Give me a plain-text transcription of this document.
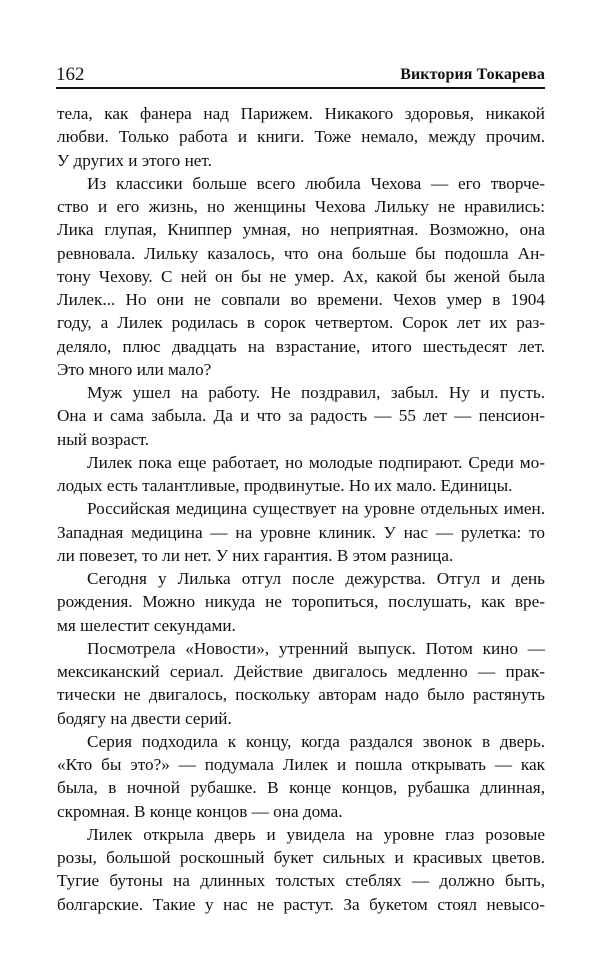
162	Виктория Токарева
тела, как фанера над Парижем. Никакого здоровья, никакой
любви. Только работа и книги. Тоже немало, между прочим.
У других и этого нет.
Из классики больше всего любила Чехова — его творче-
ство и его жизнь, но женщины Чехова Лильку не нравились:
Лика глупая, Книппер умная, но неприятная. Возможно, она
ревновала. Лильку казалось, что она больше бы подошла Ан-
тону Чехову. С ней он бы не умер. Ах, какой бы женой была
Лилек... Но они не совпали во времени. Чехов умер в 1904
году, а Лилек родилась в сорок четвертом. Сорок лет их раз-
деляло, плюс двадцать на взрастание, итого шестьдесят лет.
Это много или мало?
Муж ушел на работу. Не поздравил, забыл. Ну и пусть.
Она и сама забыла. Да и что за радость — 55 лет — пенсион-
ный возраст.
Лилек пока еще работает, но молодые подпирают. Среди мо-
лодых есть талантливые, продвинутые. Но их мало. Единицы.
Российская медицина существует на уровне отдельных имен.
Западная медицина — на уровне клиник. У нас — рулетка: то
ли повезет, то ли нет. У них гарантия. В этом разница.
Сегодня у Лилька отгул после дежурства. Отгул и день
рождения. Можно никуда не торопиться, послушать, как вре-
мя шелестит секундами.
Посмотрела «Новости», утренний выпуск. Потом кино —
мексиканский сериал. Действие двигалось медленно — прак-
тически не двигалось, поскольку авторам надо было растянуть
бодягу на двести серий.
Серия подходила к концу, когда раздался звонок в дверь.
«Кто бы это?» — подумала Лилек и пошла открывать — как
была, в ночной рубашке. В конце концов, рубашка длинная,
скромная. В конце концов — она дома.
Лилек открыла дверь и увидела на уровне глаз розовые
розы, большой роскошный букет сильных и красивых цветов.
Тугие бутоны на длинных толстых стеблях — должно быть,
болгарские. Такие у нас не растут. За букетом стоял невысо-
